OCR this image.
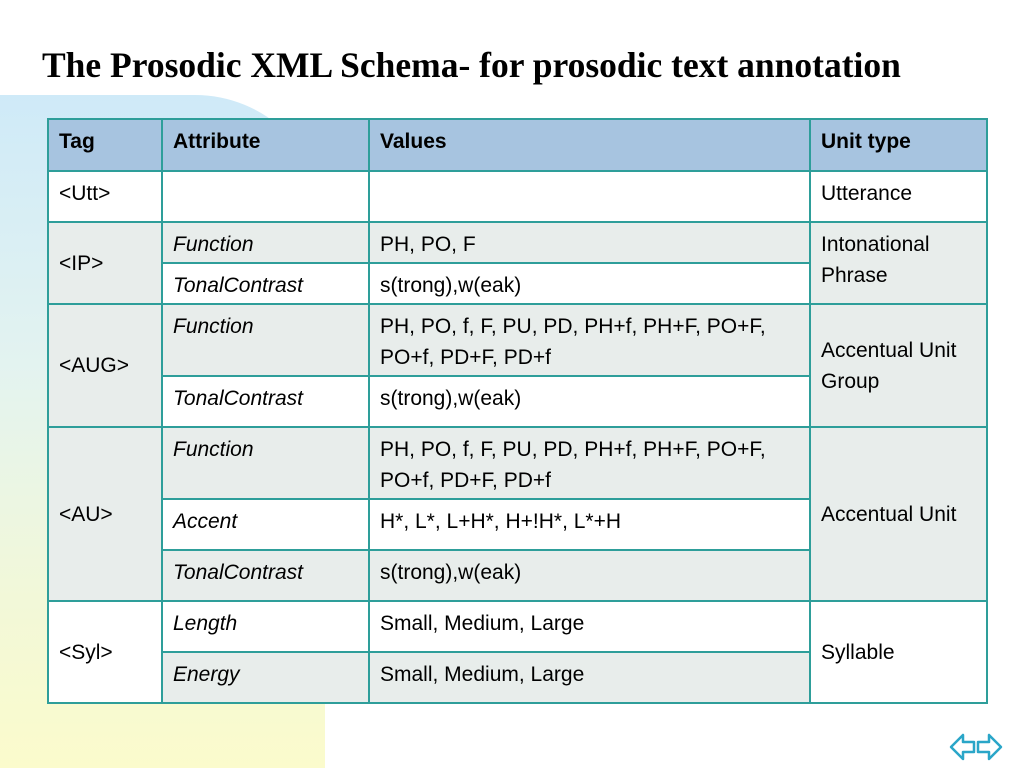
The Prosodic XML Schema- for prosodic text annotation
Tag	Attribute	Values	Unit type
<Utt>			Utterance
<IP>	Function	PH, PO, F	Intonational Phrase
	TonalContrast	s(trong),w(eak)	
<AUG>	Function	PH, PO, f, F, PU, PD, PH+f, PH+F, PO+F, PO+f, PD+F, PD+f	Accentual Unit Group
	TonalContrast	s(trong),w(eak)	
<AU>	Function	PH, PO, f, F, PU, PD, PH+f, PH+F, PO+F, PO+f, PD+F, PD+f	Accentual Unit
	Accent	H*, L*, L+H*, H+!H*, L*+H	
	TonalContrast	s(trong),w(eak)	
<Syl>	Length	Small, Medium, Large	Syllable
	Energy	Small, Medium, Large	
